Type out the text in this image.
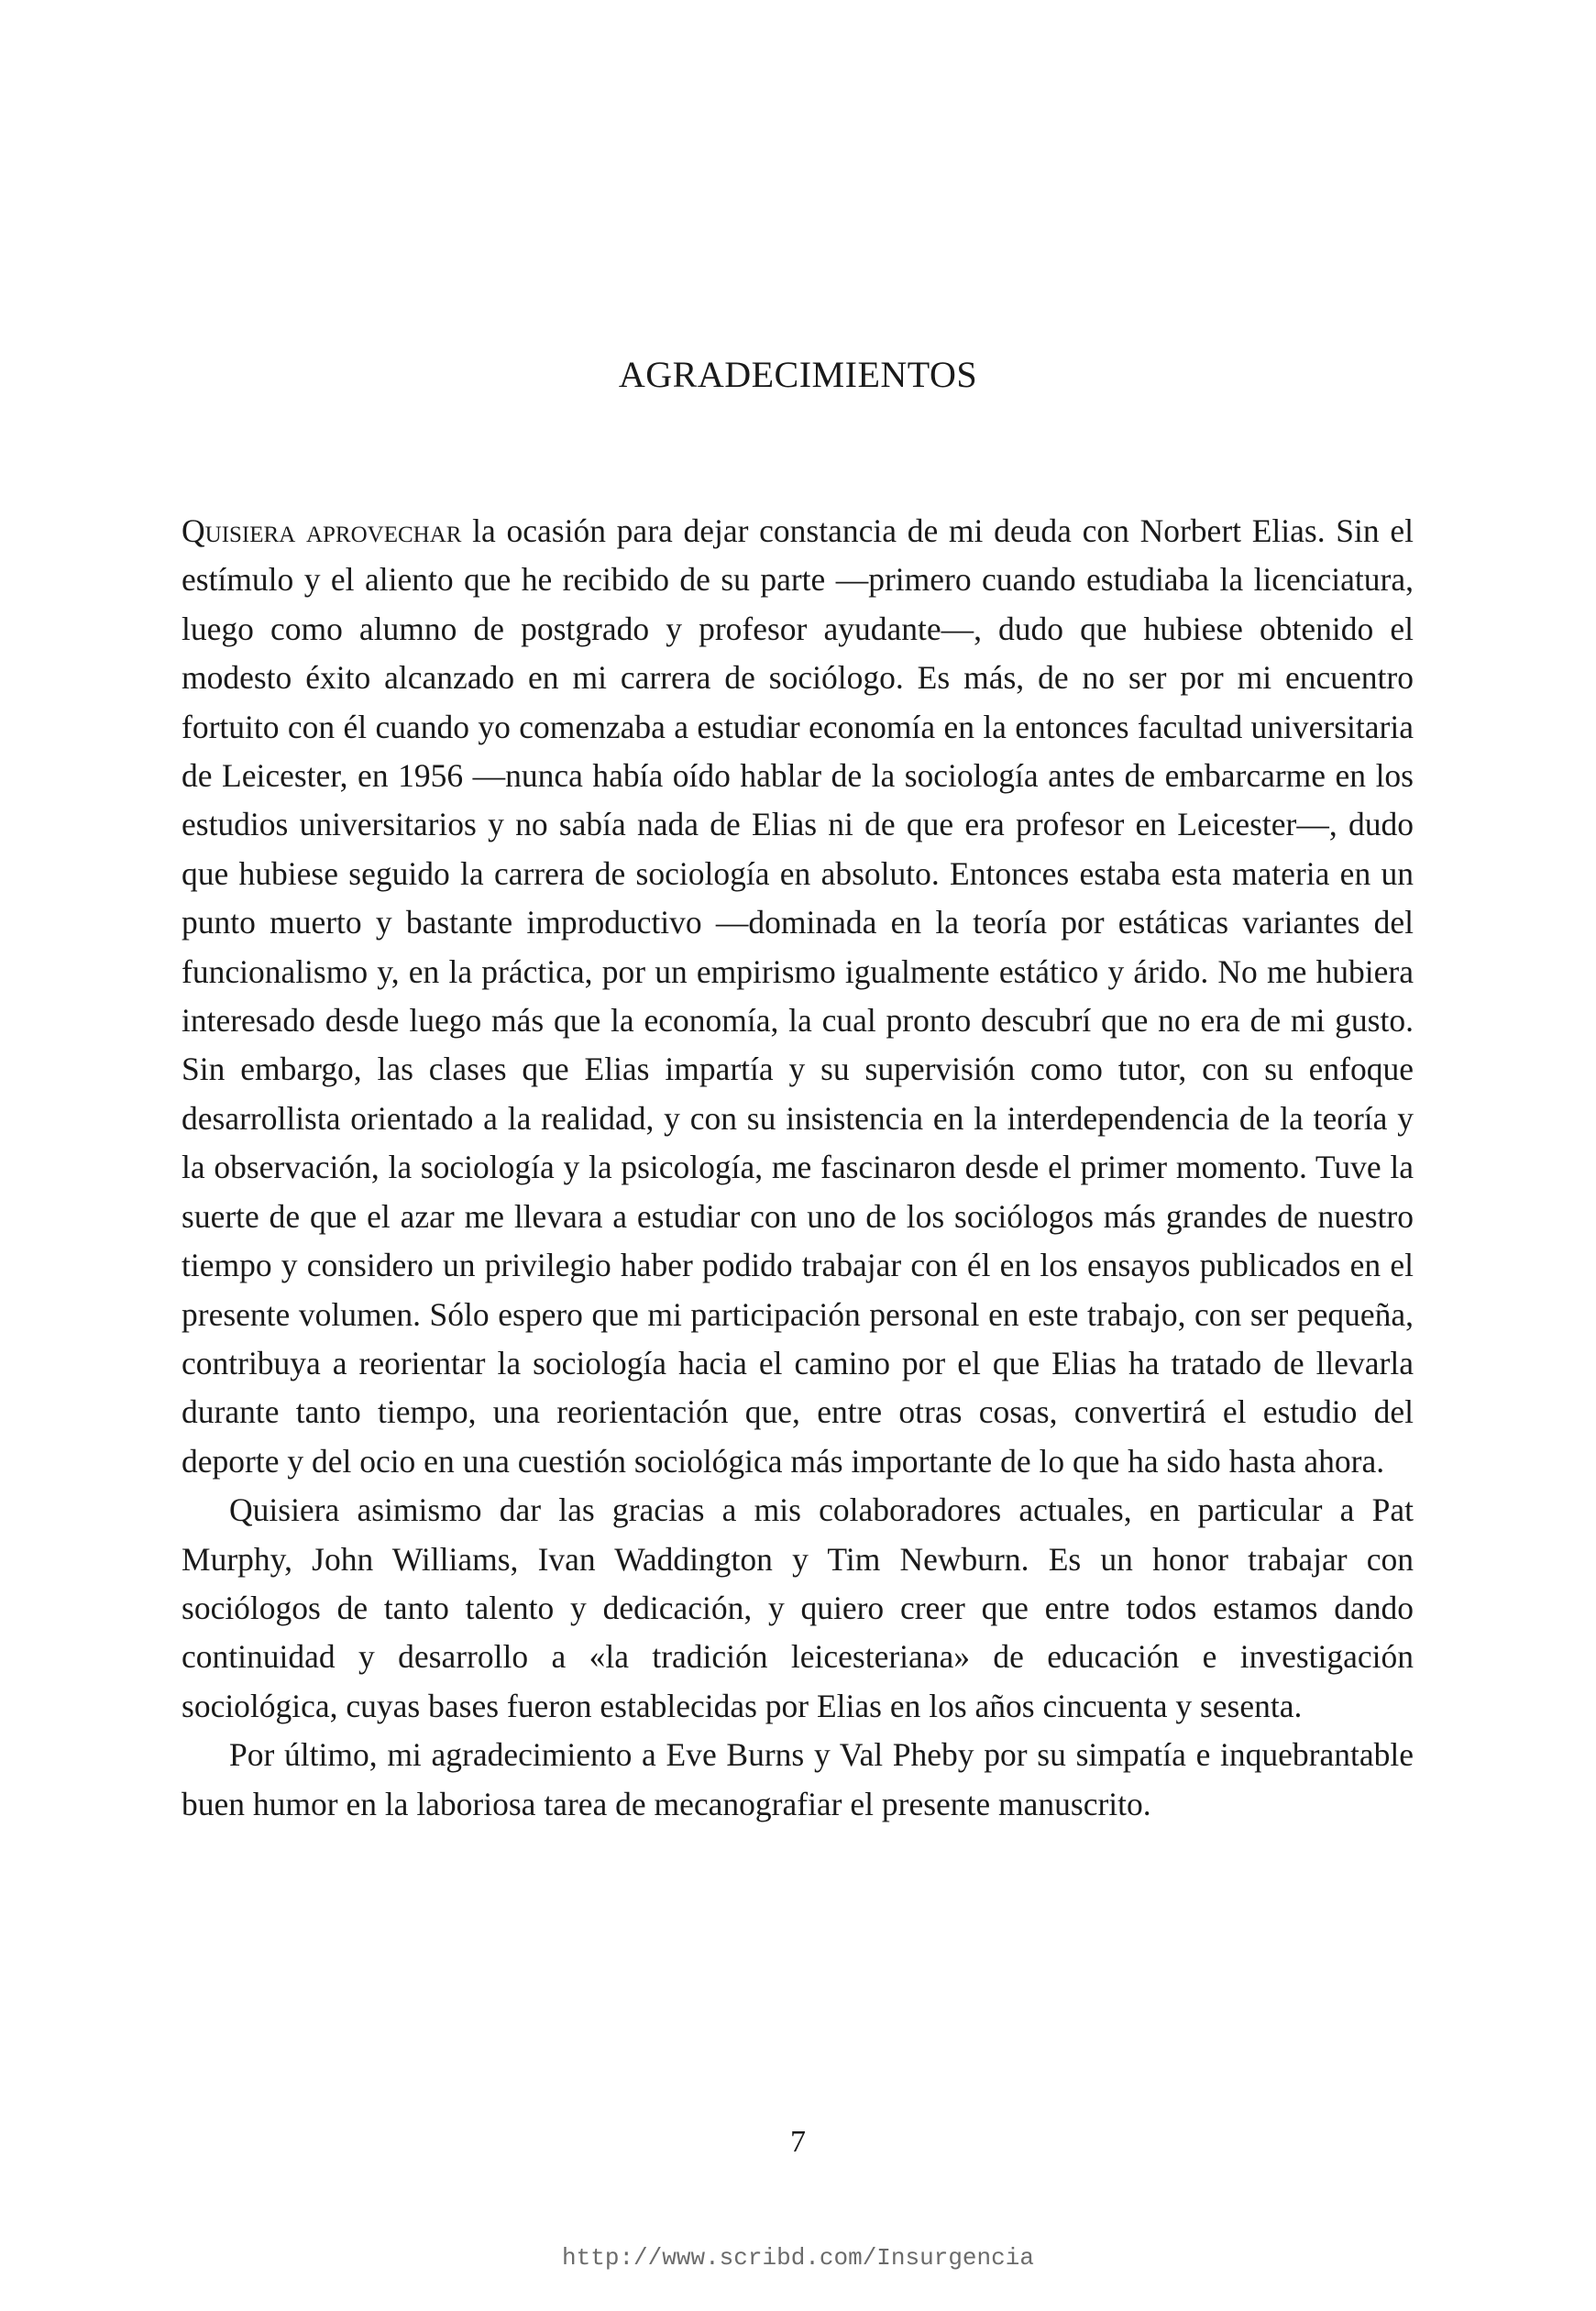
AGRADECIMIENTOS

Quisiera aprovechar la ocasión para dejar constancia de mi deuda con Norbert Elias. Sin el estímulo y el aliento que he recibido de su parte —primero cuando estudiaba la licenciatura, luego como alumno de postgrado y profesor ayudante—, dudo que hubiese obtenido el modesto éxito alcanzado en mi carrera de sociólogo. Es más, de no ser por mi encuentro fortuito con él cuando yo comenzaba a estudiar economía en la entonces facultad universitaria de Leicester, en 1956 —nunca había oído hablar de la sociología antes de embarcarme en los estudios universitarios y no sabía nada de Elias ni de que era profesor en Leicester—, dudo que hubiese seguido la carrera de sociología en absoluto. Entonces estaba esta materia en un punto muerto y bastante improductivo —dominada en la teoría por estáticas variantes del funcionalismo y, en la práctica, por un empirismo igualmente estático y árido. No me hubiera interesado desde luego más que la economía, la cual pronto descubrí que no era de mi gusto. Sin embargo, las clases que Elias impartía y su supervisión como tutor, con su enfoque desarrollista orientado a la realidad, y con su insistencia en la interdependencia de la teoría y la observación, la sociología y la psicología, me fascinaron desde el primer momento. Tuve la suerte de que el azar me llevara a estudiar con uno de los sociólogos más grandes de nuestro tiempo y considero un privilegio haber podido trabajar con él en los ensayos publicados en el presente volumen. Sólo espero que mi participación personal en este trabajo, con ser pequeña, contribuya a reorientar la sociología hacia el camino por el que Elias ha tratado de llevarla durante tanto tiempo, una reorientación que, entre otras cosas, convertirá el estudio del deporte y del ocio en una cuestión sociológica más importante de lo que ha sido hasta ahora.

Quisiera asimismo dar las gracias a mis colaboradores actuales, en particular a Pat Murphy, John Williams, Ivan Waddington y Tim Newburn. Es un honor trabajar con sociólogos de tanto talento y dedicación, y quiero creer que entre todos estamos dando continuidad y desarrollo a «la tradición leicesteriana» de educación e investigación sociológica, cuyas bases fueron establecidas por Elias en los años cincuenta y sesenta.

Por último, mi agradecimiento a Eve Burns y Val Pheby por su simpatía e inquebrantable buen humor en la laboriosa tarea de mecanografiar el presente manuscrito.

7
http://www.scribd.com/Insurgencia
